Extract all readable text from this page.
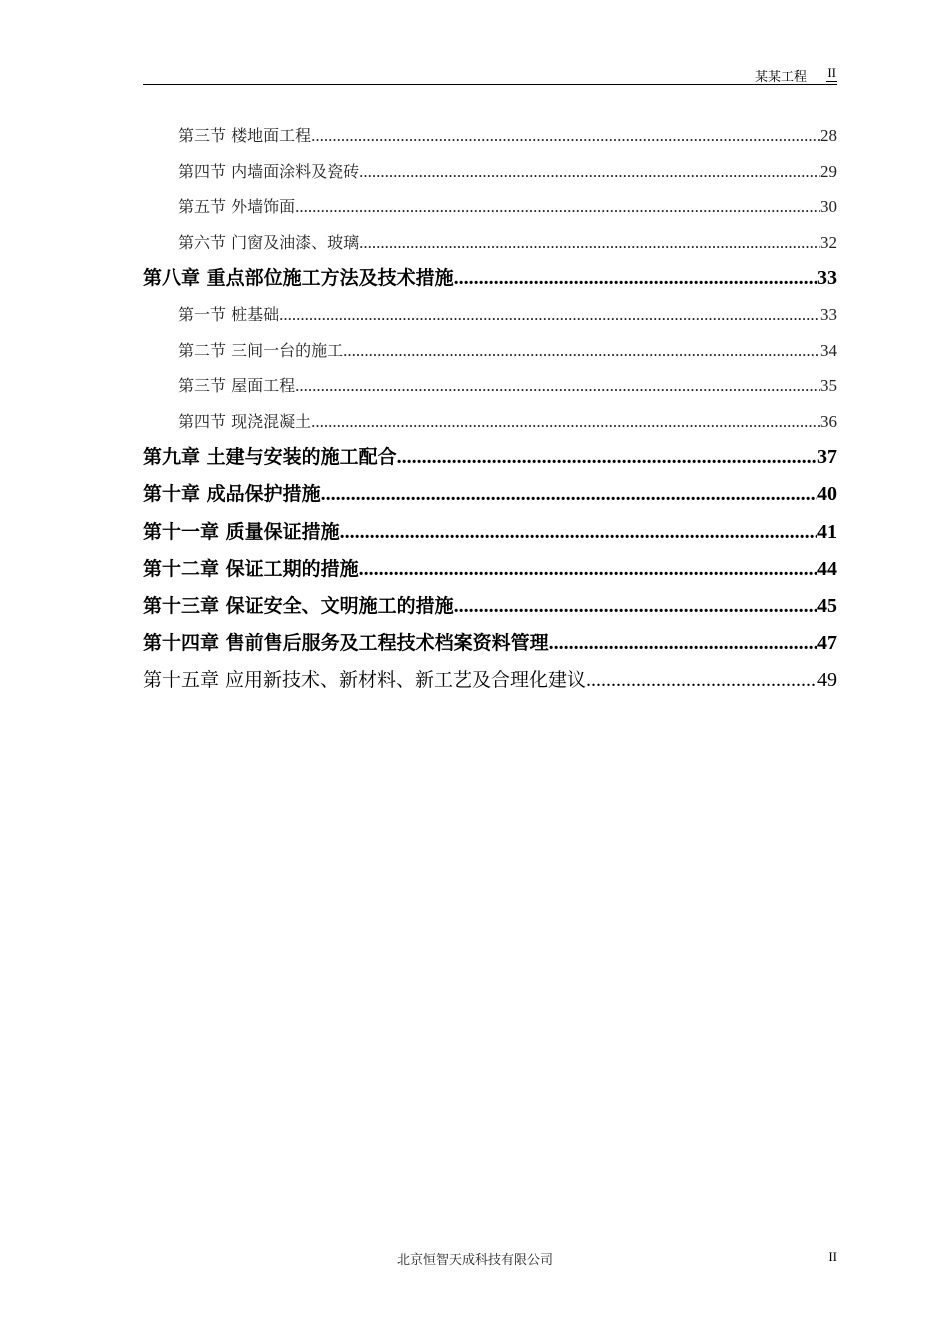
某某工程 II
第三节 楼地面工程 .....	28
第四节 内墙面涂料及瓷砖 .....	29
第五节 外墙饰面 .....	30
第六节 门窗及油漆、玻璃 .....	32
第八章 重点部位施工方法及技术措施 .....	33
第一节 桩基础 .....	33
第二节 三间一台的施工 .....	34
第三节 屋面工程 .....	35
第四节 现浇混凝土 .....	36
第九章 土建与安装的施工配合 .....	37
第十章 成品保护措施 .....	40
第十一章 质量保证措施 .....	41
第十二章 保证工期的措施 .....	44
第十三章 保证安全、文明施工的措施 .....	45
第十四章 售前售后服务及工程技术档案资料管理 .....	47
第十五章 应用新技术、新材料、新工艺及合理化建议 .....	49
北京恒智天成科技有限公司	II
